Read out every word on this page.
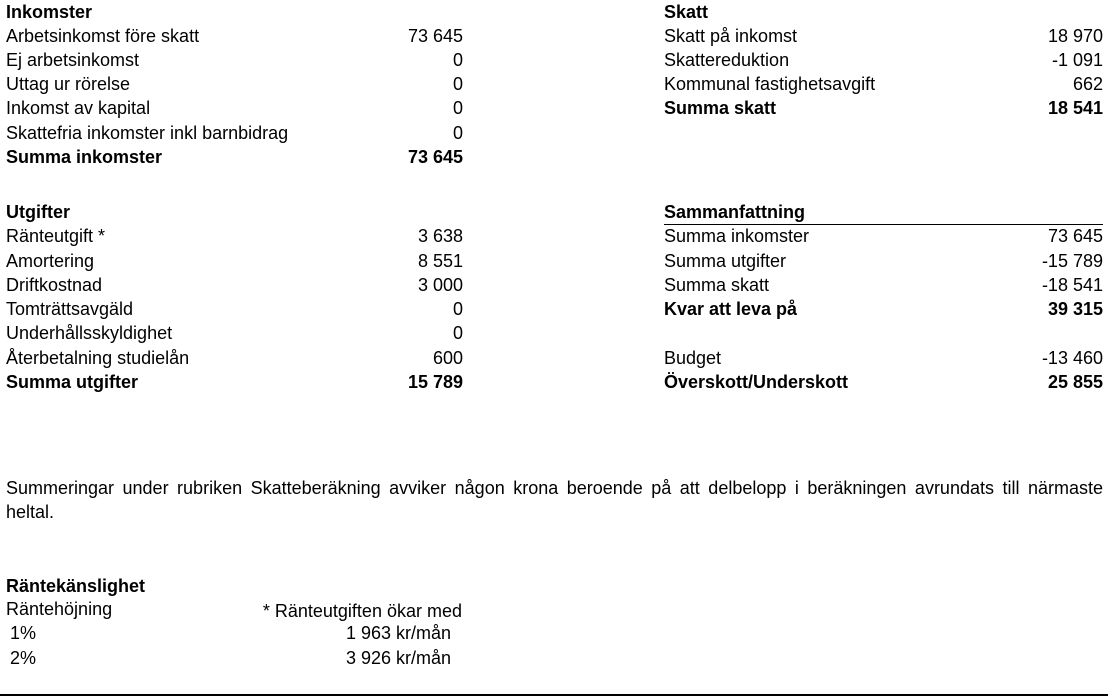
Inkomster
Arbetsinkomst före skatt	73 645
Ej arbetsinkomst	0
Uttag ur rörelse	0
Inkomst av kapital	0
Skattefria inkomster inkl barnbidrag	0
Summa inkomster	73 645
Skatt
Skatt på inkomst	18 970
Skattereduktion	-1 091
Kommunal fastighetsavgift	662
Summa skatt	18 541
Utgifter
Ränteutgift *	3 638
Amortering	8 551
Driftkostnad	3 000
Tomträttsavgäld	0
Underhållsskyldighet	0
Återbetalning studielån	600
Summa utgifter	15 789
Sammanfattning
Summa inkomster	73 645
Summa utgifter	-15 789
Summa skatt	-18 541
Kvar att leva på	39 315
Budget	-13 460
Överskott/Underskott	25 855
Summeringar under rubriken Skatteberäkning avviker någon krona beroende på att delbelopp i beräkningen avrundats till närmaste heltal.
Räntekänslighet
Räntehöjning	* Ränteutgiften ökar med
1%	1 963 kr/mån
2%	3 926 kr/mån
